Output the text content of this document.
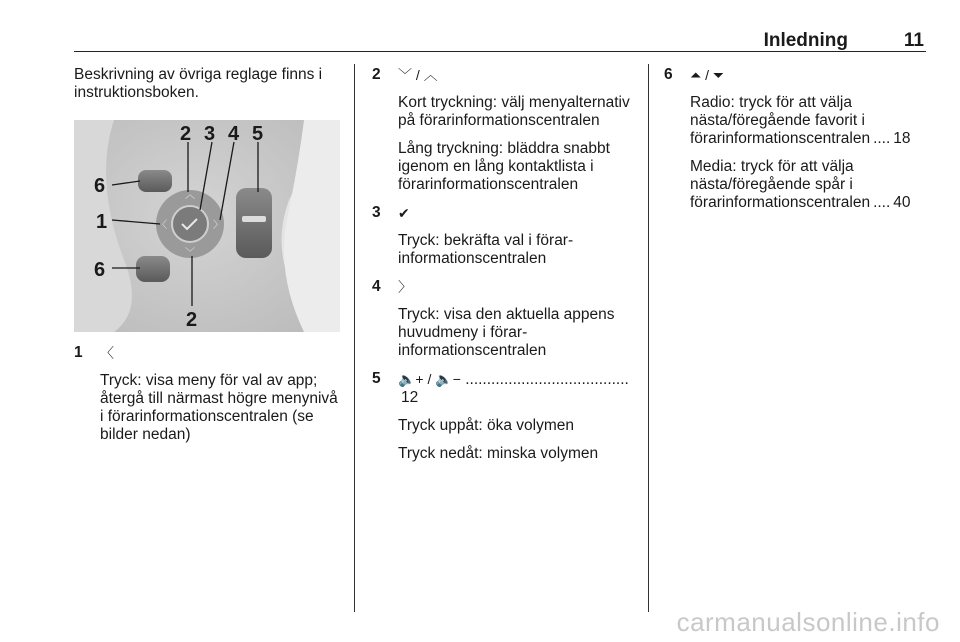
Inledning	11

Beskrivning av övriga reglage finns i instruktionsboken.

︿
﹀
〈	〉
2 3 4 5
6
1
6
2
1 〈
Tryck: visa meny för val av app; återgå till närmast högre menynivå i förarinformationscentralen (se bilder nedan)
2 ﹀ / ︿
Kort tryckning: välj menyalternativ på förarinformationscentralen
Lång tryckning: bläddra snabbt igenom en lång kontaktlista i förarinformationscentralen
3 ✔
Tryck: bekräfta val i förarinformationscentralen
4 〉
Tryck: visa den aktuella appens huvudmeny i förarinformationscentralen
5 🔈+ / 🔈− ...................................... 12
Tryck uppåt: öka volymen
Tryck nedåt: minska volymen
6 ⏶ / ⏷
Radio: tryck för att välja
nästa/föregående favorit i
förarinformationscentralen .... 18
Media: tryck för att välja
nästa/föregående spår i
förarinformationscentralen .... 40
carmanualsonline.info
